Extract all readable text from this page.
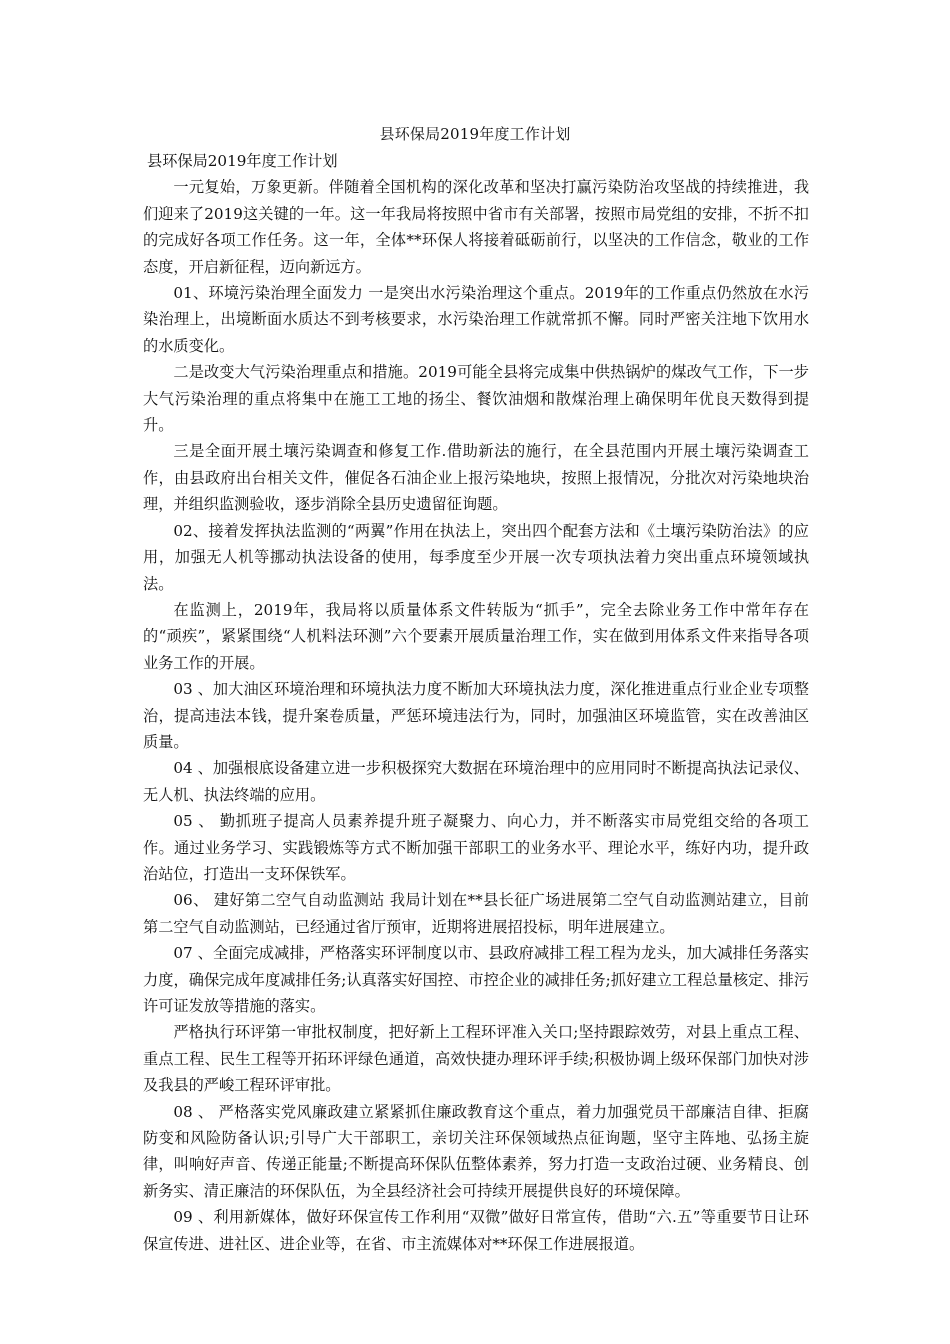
县环保局2019年度工作计划

县环保局2019年度工作计划

一元复始，万象更新。伴随着全国机构的深化改革和坚决打赢污染防治攻坚战的持续推进，我们迎来了2019这关键的一年。这一年我局将按照中省市有关部署，按照市局党组的安排，不折不扣的完成好各项工作任务。这一年，全体**环保人将接着砥砺前行，以坚决的工作信念，敬业的工作态度，开启新征程，迈向新远方。

01、环境污染治理全面发力 一是突出水污染治理这个重点。2019年的工作重点仍然放在水污染治理上，出境断面水质达不到考核要求，水污染治理工作就常抓不懈。同时严密关注地下饮用水的水质变化。

二是改变大气污染治理重点和措施。2019可能全县将完成集中供热锅炉的煤改气工作，下一步大气污染治理的重点将集中在施工工地的扬尘、餐饮油烟和散煤治理上确保明年优良天数得到提升。

三是全面开展土壤污染调查和修复工作.借助新法的施行，在全县范围内开展土壤污染调查工作，由县政府出台相关文件，催促各石油企业上报污染地块，按照上报情况，分批次对污染地块治理，并组织监测验收，逐步消除全县历史遗留征询题。

02、接着发挥执法监测的“两翼”作用在执法上，突出四个配套方法和《土壤污染防治法》的应用，加强无人机等挪动执法设备的使用，每季度至少开展一次专项执法着力突出重点环境领域执法。

在监测上，2019年，我局将以质量体系文件转版为“抓手”，完全去除业务工作中常年存在的“顽疾”，紧紧围绕“人机料法环测”六个要素开展质量治理工作，实在做到用体系文件来指导各项业务工作的开展。

03 、加大油区环境治理和环境执法力度不断加大环境执法力度，深化推进重点行业企业专项整治，提高违法本钱，提升案卷质量，严惩环境违法行为，同时，加强油区环境监管，实在改善油区质量。

04 、加强根底设备建立进一步积极探究大数据在环境治理中的应用同时不断提高执法记录仪、无人机、执法终端的应用。

05 、 勤抓班子提高人员素养提升班子凝聚力、向心力，并不断落实市局党组交给的各项工作。通过业务学习、实践锻炼等方式不断加强干部职工的业务水平、理论水平，练好内功，提升政治站位，打造出一支环保铁军。

06、 建好第二空气自动监测站 我局计划在**县长征广场进展第二空气自动监测站建立，目前第二空气自动监测站，已经通过省厅预审，近期将进展招投标，明年进展建立。

07 、全面完成减排，严格落实环评制度以市、县政府减排工程工程为龙头，加大减排任务落实力度，确保完成年度减排任务;认真落实好国控、市控企业的减排任务;抓好建立工程总量核定、排污许可证发放等措施的落实。

严格执行环评第一审批权制度，把好新上工程环评准入关口;坚持跟踪效劳，对县上重点工程、重点工程、民生工程等开拓环评绿色通道，高效快捷办理环评手续;积极协调上级环保部门加快对涉及我县的严峻工程环评审批。

08 、 严格落实党风廉政建立紧紧抓住廉政教育这个重点，着力加强党员干部廉洁自律、拒腐防变和风险防备认识;引导广大干部职工，亲切关注环保领域热点征询题，坚守主阵地、弘扬主旋律，叫响好声音、传递正能量;不断提高环保队伍整体素养，努力打造一支政治过硬、业务精良、创新务实、清正廉洁的环保队伍，为全县经济社会可持续开展提供良好的环境保障。

09 、利用新媒体，做好环保宣传工作利用“双微”做好日常宣传，借助“六.五”等重要节日让环保宣传进、进社区、进企业等，在省、市主流媒体对**环保工作进展报道。
